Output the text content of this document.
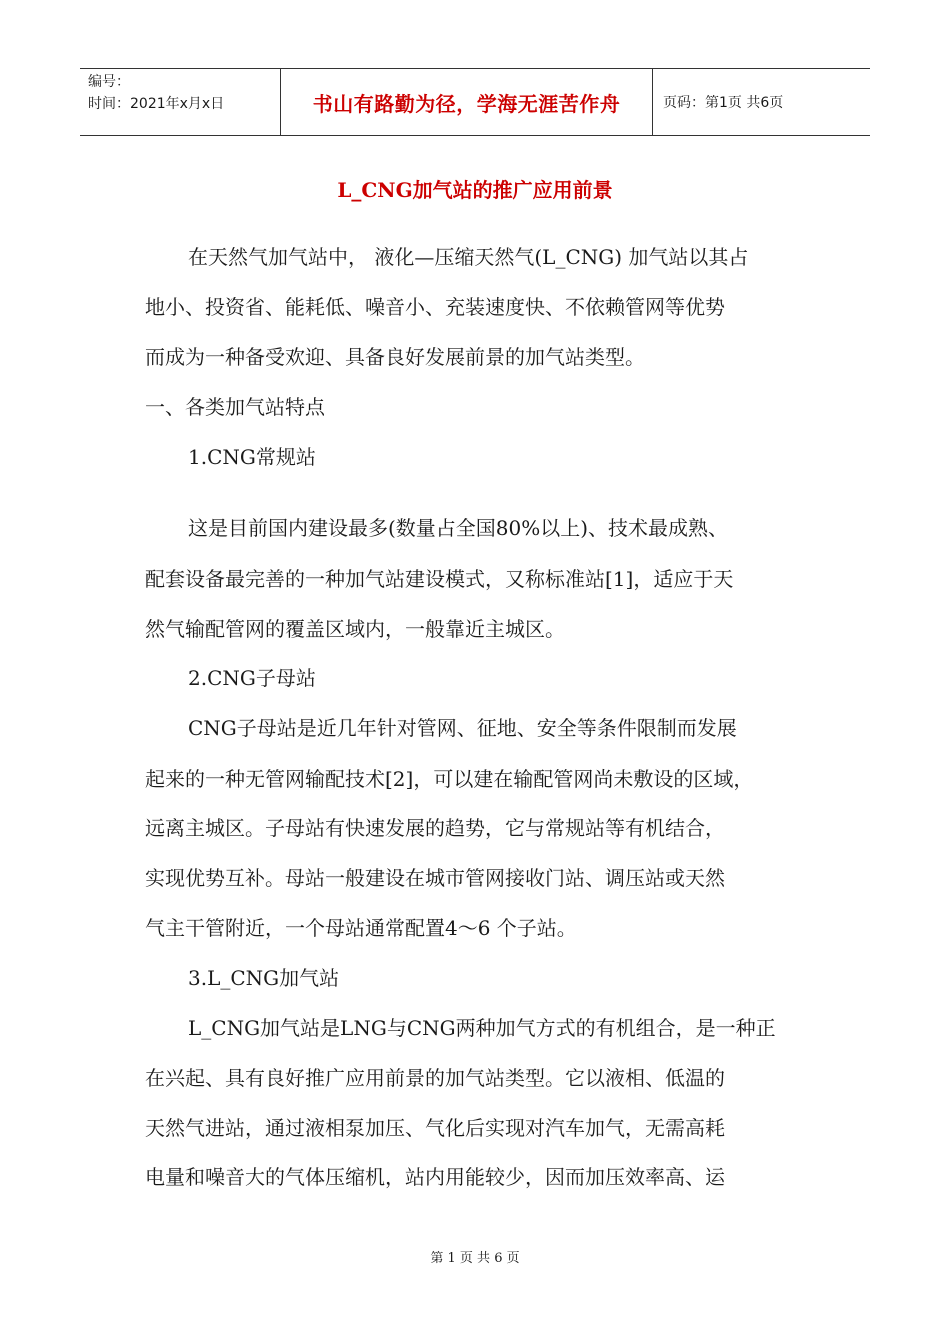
编号：
时间：2021年x月x日	书山有路勤为径，学海无涯苦作舟	页码：第1页 共6页
L_CNG加气站的推广应用前景
在天然气加气站中， 液化—压缩天然气(L_CNG) 加气站以其占
地小、投资省、能耗低、噪音小、充装速度快、不依赖管网等优势
而成为一种备受欢迎、具备良好发展前景的加气站类型。
一、各类加气站特点
1.CNG常规站
这是目前国内建设最多(数量占全国80%以上)、技术最成熟、
配套设备最完善的一种加气站建设模式，又称标准站[1]，适应于天
然气输配管网的覆盖区域内，一般靠近主城区。
2.CNG子母站
CNG子母站是近几年针对管网、征地、安全等条件限制而发展
起来的一种无管网输配技术[2]，可以建在输配管网尚未敷设的区域，
远离主城区。子母站有快速发展的趋势，它与常规站等有机结合，
实现优势互补。母站一般建设在城市管网接收门站、调压站或天然
气主干管附近，一个母站通常配置4～6 个子站。
3.L_CNG加气站
L_CNG加气站是LNG与CNG两种加气方式的有机组合，是一种正
在兴起、具有良好推广应用前景的加气站类型。它以液相、低温的
天然气进站，通过液相泵加压、气化后实现对汽车加气，无需高耗
电量和噪音大的气体压缩机，站内用能较少，因而加压效率高、运
第 1 页 共 6 页
